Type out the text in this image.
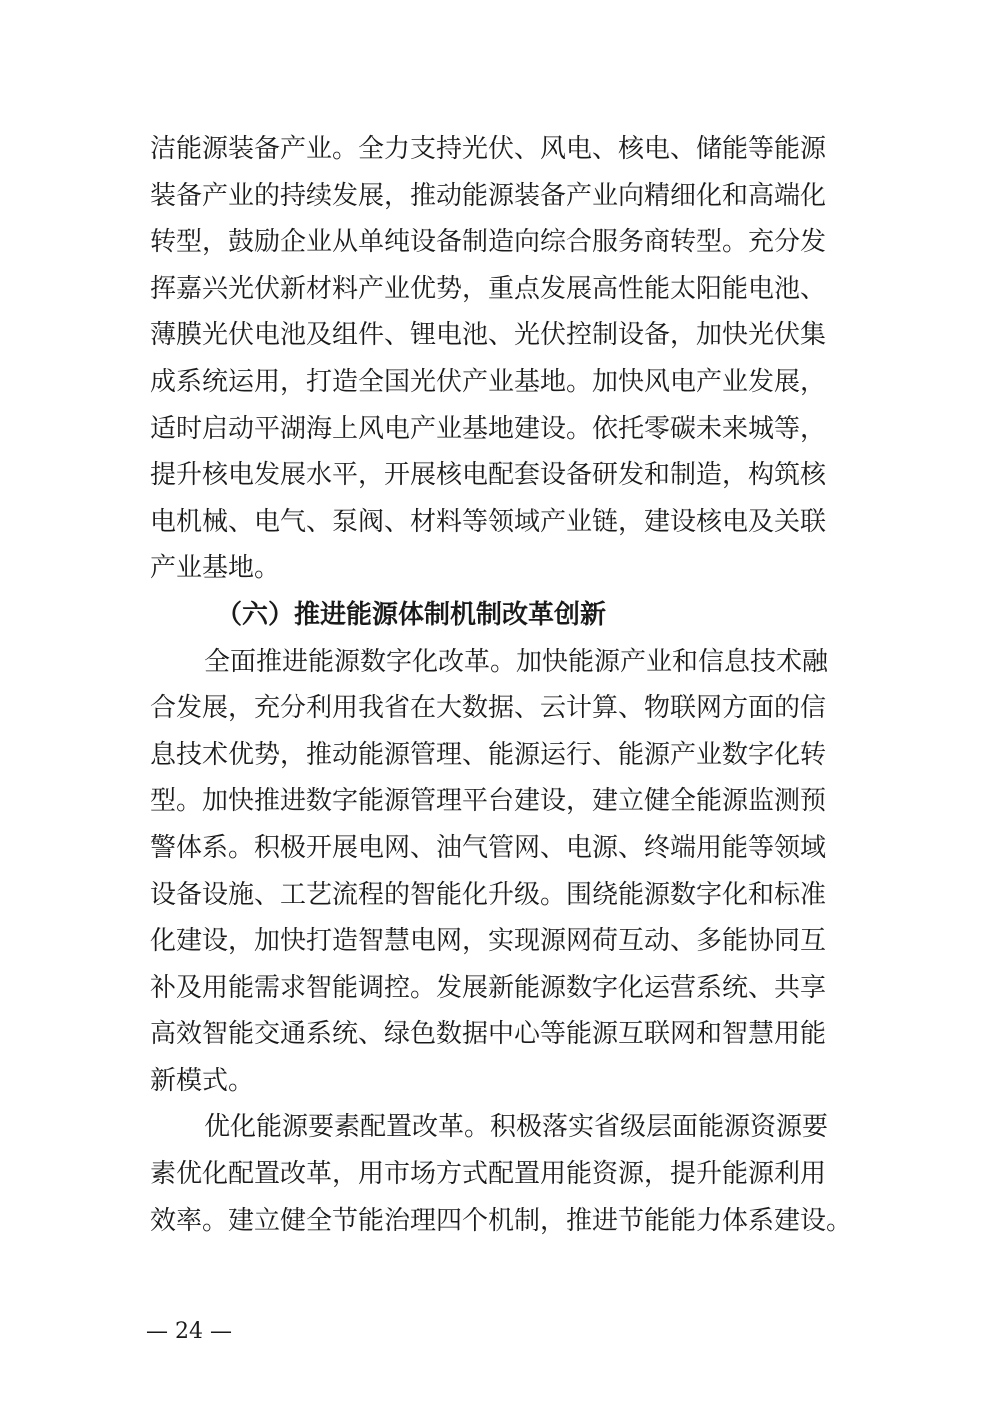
洁能源装备产业。全力支持光伏、风电、核电、储能等能源
装备产业的持续发展，推动能源装备产业向精细化和高端化
转型，鼓励企业从单纯设备制造向综合服务商转型。充分发
挥嘉兴光伏新材料产业优势，重点发展高性能太阳能电池、
薄膜光伏电池及组件、锂电池、光伏控制设备，加快光伏集
成系统运用，打造全国光伏产业基地。加快风电产业发展，
适时启动平湖海上风电产业基地建设。依托零碳未来城等，
提升核电发展水平，开展核电配套设备研发和制造，构筑核
电机械、电气、泵阀、材料等领域产业链，建设核电及关联
产业基地。
（六）推进能源体制机制改革创新
全面推进能源数字化改革。加快能源产业和信息技术融
合发展，充分利用我省在大数据、云计算、物联网方面的信
息技术优势，推动能源管理、能源运行、能源产业数字化转
型。加快推进数字能源管理平台建设，建立健全能源监测预
警体系。积极开展电网、油气管网、电源、终端用能等领域
设备设施、工艺流程的智能化升级。围绕能源数字化和标准
化建设，加快打造智慧电网，实现源网荷互动、多能协同互
补及用能需求智能调控。发展新能源数字化运营系统、共享
高效智能交通系统、绿色数据中心等能源互联网和智慧用能
新模式。
优化能源要素配置改革。积极落实省级层面能源资源要
素优化配置改革，用市场方式配置用能资源，提升能源利用
效率。建立健全节能治理四个机制，推进节能能力体系建设。
— 24 —
